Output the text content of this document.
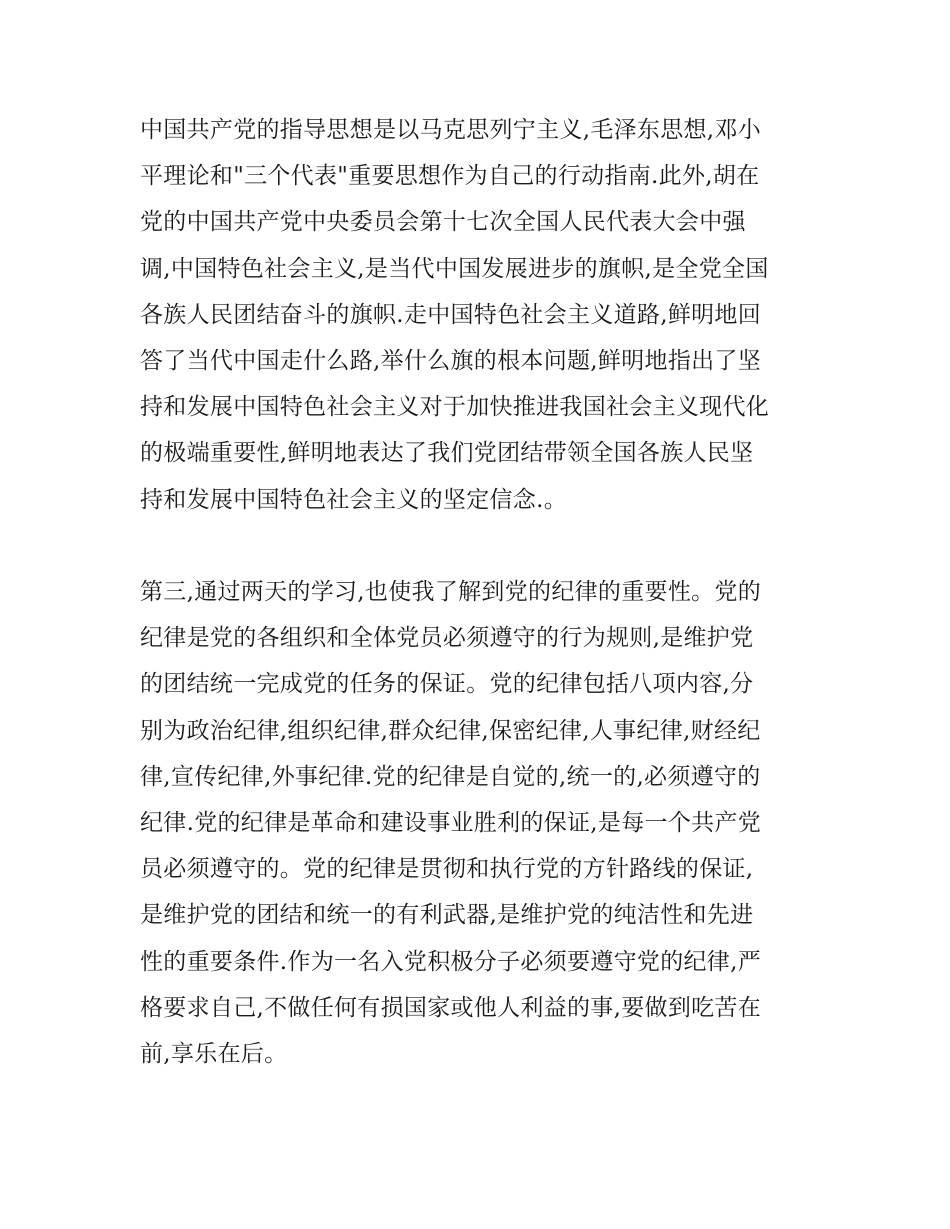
中国共产党的指导思想是以马克思列宁主义,毛泽东思想,邓小
平理论和"三个代表"重要思想作为自己的行动指南.此外,胡在
党的中国共产党中央委员会第十七次全国人民代表大会中强
调,中国特色社会主义,是当代中国发展进步的旗帜,是全党全国
各族人民团结奋斗的旗帜.走中国特色社会主义道路,鲜明地回
答了当代中国走什么路,举什么旗的根本问题,鲜明地指出了坚
持和发展中国特色社会主义对于加快推进我国社会主义现代化
的极端重要性,鲜明地表达了我们党团结带领全国各族人民坚
持和发展中国特色社会主义的坚定信念.。
第三,通过两天的学习,也使我了解到党的纪律的重要性。党的
纪律是党的各组织和全体党员必须遵守的行为规则,是维护党
的团结统一完成党的任务的保证。党的纪律包括八项内容,分
别为政治纪律,组织纪律,群众纪律,保密纪律,人事纪律,财经纪
律,宣传纪律,外事纪律.党的纪律是自觉的,统一的,必须遵守的
纪律.党的纪律是革命和建设事业胜利的保证,是每一个共产党
员必须遵守的。党的纪律是贯彻和执行党的方针路线的保证,
是维护党的团结和统一的有利武器,是维护党的纯洁性和先进
性的重要条件.作为一名入党积极分子必须要遵守党的纪律,严
格要求自己,不做任何有损国家或他人利益的事,要做到吃苦在
前,享乐在后。
